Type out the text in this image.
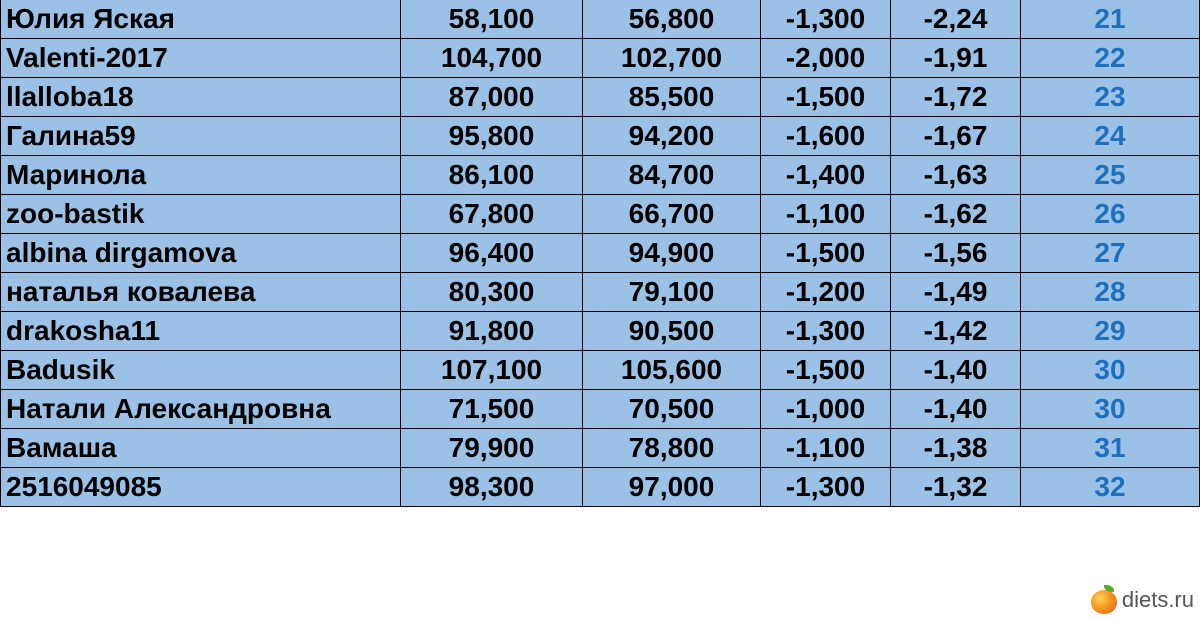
Юлия Яская	58,100	56,800	-1,300	-2,24	21
Valenti-2017	104,700	102,700	-2,000	-1,91	22
llalloba18	87,000	85,500	-1,500	-1,72	23
Галина59	95,800	94,200	-1,600	-1,67	24
Маринола	86,100	84,700	-1,400	-1,63	25
zoo-bastik	67,800	66,700	-1,100	-1,62	26
albina dirgamova	96,400	94,900	-1,500	-1,56	27
наталья ковалева	80,300	79,100	-1,200	-1,49	28
drakosha11	91,800	90,500	-1,300	-1,42	29
Badusik	107,100	105,600	-1,500	-1,40	30
Натали Александровна	71,500	70,500	-1,000	-1,40	30
Вамаша	79,900	78,800	-1,100	-1,38	31
2516049085	98,300	97,000	-1,300	-1,32	32
diets.ru
